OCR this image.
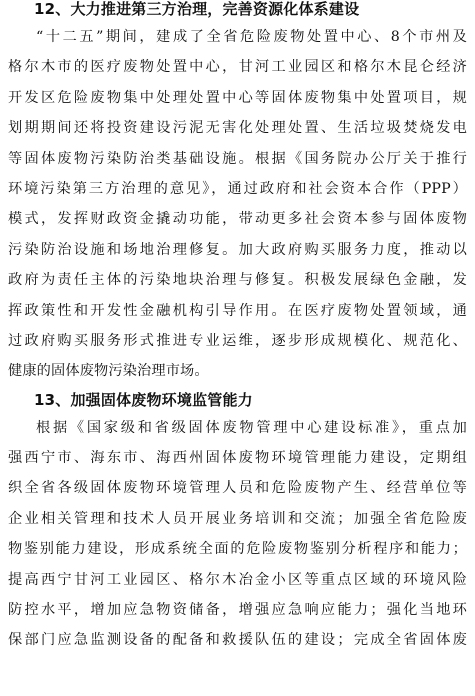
12、大力推进第三方治理，完善资源化体系建设
“十二五”期间，建成了全省危险废物处置中心、8个市州及
格尔木市的医疗废物处置中心，甘河工业园区和格尔木昆仑经济
开发区危险废物集中处理处置中心等固体废物集中处置项目，规
划期期间还将投资建设污泥无害化处理处置、生活垃圾焚烧发电
等固体废物污染防治类基础设施。根据《国务院办公厅关于推行
环境污染第三方治理的意见》，通过政府和社会资本合作（PPP）
模式，发挥财政资金撬动功能，带动更多社会资本参与固体废物
污染防治设施和场地治理修复。加大政府购买服务力度，推动以
政府为责任主体的污染地块治理与修复。积极发展绿色金融，发
挥政策性和开发性金融机构引导作用。在医疗废物处置领域，通
过政府购买服务形式推进专业运维，逐步形成规模化、规范化、
健康的固体废物污染治理市场。
13、加强固体废物环境监管能力
根据《国家级和省级固体废物管理中心建设标准》，重点加
强西宁市、海东市、海西州固体废物环境管理能力建设，定期组
织全省各级固体废物环境管理人员和危险废物产生、经营单位等
企业相关管理和技术人员开展业务培训和交流；加强全省危险废
物鉴别能力建设，形成系统全面的危险废物鉴别分析程序和能力；
提高西宁甘河工业园区、格尔木冶金小区等重点区域的环境风险
防控水平，增加应急物资储备，增强应急响应能力；强化当地环
保部门应急监测设备的配备和救援队伍的建设；完成全省固体废
